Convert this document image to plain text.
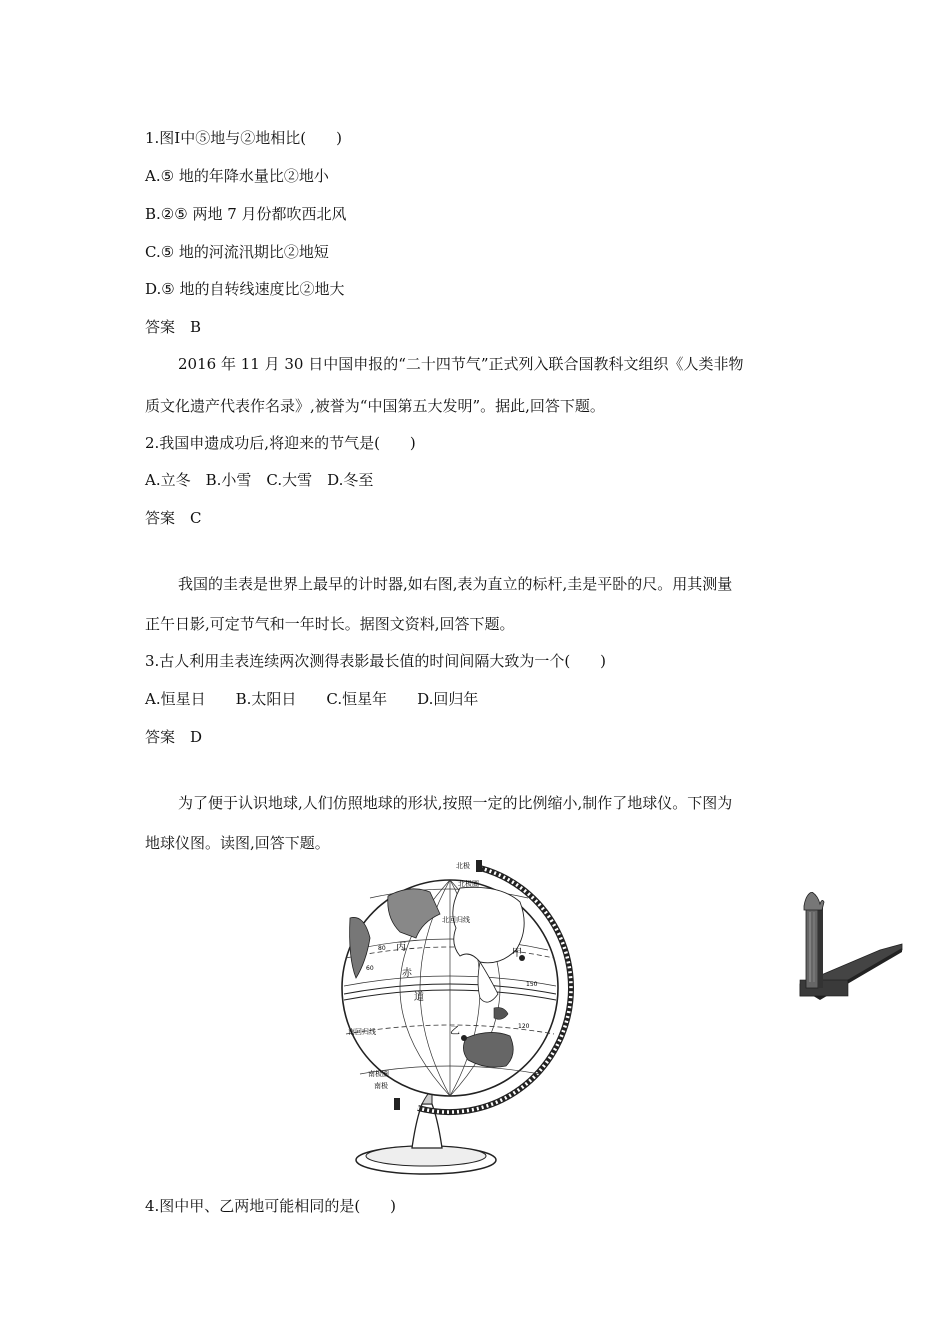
1.图Ⅰ中⑤地与②地相比(　　)
A.⑤ 地的年降水量比②地小
B.②⑤ 两地 7 月份都吹西北风
C.⑤ 地的河流汛期比②地短
D.⑤ 地的自转线速度比②地大
答案　B
2016 年 11 月 30 日中国申报的“二十四节气”正式列入联合国教科文组织《人类非物
质文化遗产代表作名录》,被誉为“中国第五大发明”。据此,回答下题。
2.我国申遗成功后,将迎来的节气是(　　)
A.立冬　B.小雪　C.大雪　D.冬至
答案　C
我国的圭表是世界上最早的计时器,如右图,表为直立的标杆,圭是平卧的尺。用其测量
正午日影,可定节气和一年时长。据图文资料,回答下题。
3.古人利用圭表连续两次测得表影最长值的时间间隔大致为一个(　　)
A.恒星日　　B.太阳日　　C.恒星年　　D.回归年
答案　D
为了便于认识地球,人们仿照地球的形状,按照一定的比例缩小,制作了地球仪。下图为
地球仪图。读图,回答下题。
北极
北极圈
北回归线
丙
甲
80
60	赤
道
150
120
南回归线	乙
南极圈
南极
4.图中甲、乙两地可能相同的是(　　)
